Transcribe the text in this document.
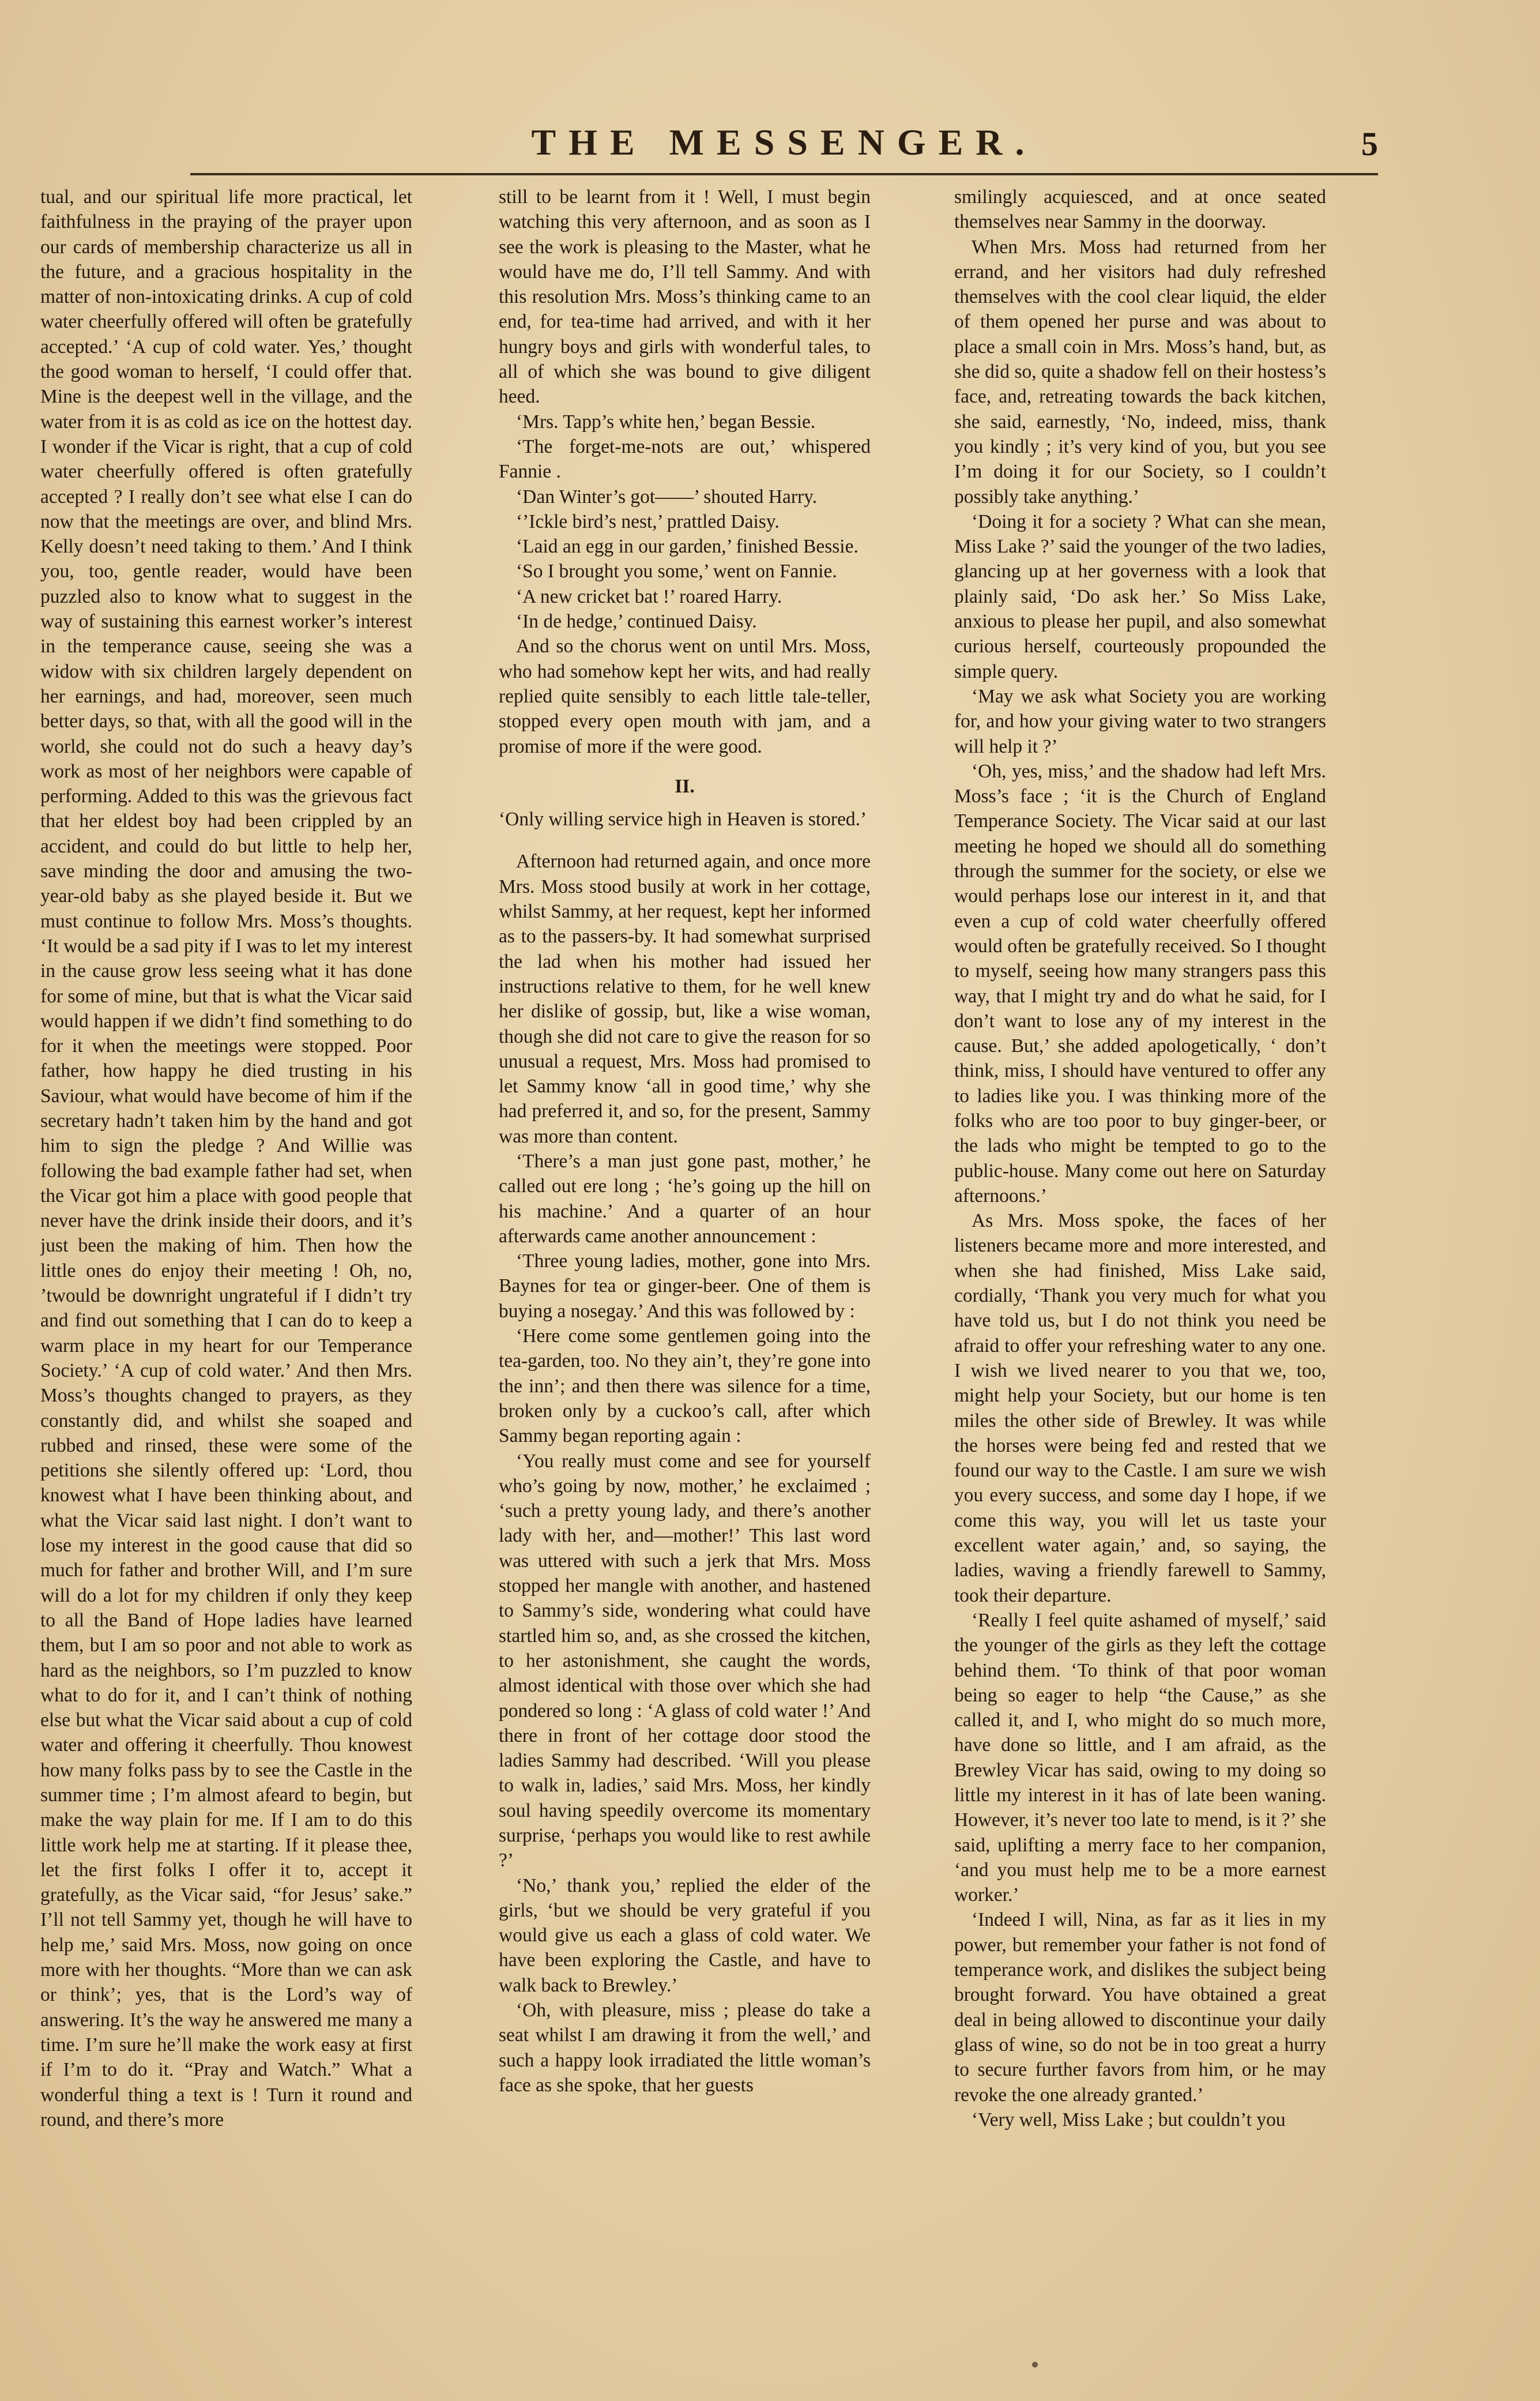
THE MESSENGER.	5

tual, and our spiritual life more practical, let faithfulness in the praying of the prayer upon our cards of membership characterize us all in the future, and a gracious hospitality in the matter of non-intoxicating drinks. A cup of cold water cheerfully offered will often be gratefully accepted.’ ‘A cup of cold water. Yes,’ thought the good woman to herself, ‘I could offer that. Mine is the deepest well in the village, and the water from it is as cold as ice on the hottest day. I wonder if the Vicar is right, that a cup of cold water cheerfully offered is often gratefully accepted ? I really don’t see what else I can do now that the meetings are over, and blind Mrs. Kelly doesn’t need taking to them.’ And I think you, too, gentle reader, would have been puzzled also to know what to suggest in the way of sustaining this earnest worker’s interest in the temperance cause, seeing she was a widow with six children largely dependent on her earnings, and had, moreover, seen much better days, so that, with all the good will in the world, she could not do such a heavy day’s work as most of her neighbors were capable of performing. Added to this was the grievous fact that her eldest boy had been crippled by an accident, and could do but little to help her, save minding the door and amusing the two-year-old baby as she played beside it. But we must continue to follow Mrs. Moss’s thoughts. ‘It would be a sad pity if I was to let my interest in the cause grow less seeing what it has done for some of mine, but that is what the Vicar said would happen if we didn’t find something to do for it when the meetings were stopped. Poor father, how happy he died trusting in his Saviour, what would have become of him if the secretary hadn’t taken him by the hand and got him to sign the pledge ? And Willie was following the bad example father had set, when the Vicar got him a place with good people that never have the drink inside their doors, and it’s just been the making of him. Then how the little ones do enjoy their meeting ! Oh, no, ’twould be downright ungrateful if I didn’t try and find out something that I can do to keep a warm place in my heart for our Temperance Society.’ ‘A cup of cold water.’ And then Mrs. Moss’s thoughts changed to prayers, as they constantly did, and whilst she soaped and rubbed and rinsed, these were some of the petitions she silently offered up: ‘Lord, thou knowest what I have been thinking about, and what the Vicar said last night. I don’t want to lose my interest in the good cause that did so much for father and brother Will, and I’m sure will do a lot for my children if only they keep to all the Band of Hope ladies have learned them, but I am so poor and not able to work as hard as the neighbors, so I’m puzzled to know what to do for it, and I can’t think of nothing else but what the Vicar said about a cup of cold water and offering it cheerfully. Thou knowest how many folks pass by to see the Castle in the summer time ; I’m almost afeard to begin, but make the way plain for me. If I am to do this little work help me at starting. If it please thee, let the first folks I offer it to, accept it gratefully, as the Vicar said, “for Jesus’ sake.” I’ll not tell Sammy yet, though he will have to help me,’ said Mrs. Moss, now going on once more with her thoughts. “More than we can ask or think’; yes, that is the Lord’s way of answering. It’s the way he answered me many a time. I’m sure he’ll make the work easy at first if I’m to do it. “Pray and Watch.” What a wonderful thing a text is ! Turn it round and round, and there’s more

still to be learnt from it ! Well, I must begin watching this very afternoon, and as soon as I see the work is pleasing to the Master, what he would have me do, I’ll tell Sammy. And with this resolution Mrs. Moss’s thinking came to an end, for tea-time had arrived, and with it her hungry boys and girls with wonderful tales, to all of which she was bound to give diligent heed.

‘Mrs. Tapp’s white hen,’ began Bessie.

‘The forget-me-nots are out,’ whispered Fannie .

‘Dan Winter’s got——’ shouted Harry.

‘’Ickle bird’s nest,’ prattled Daisy.

‘Laid an egg in our garden,’ finished Bessie.

‘So I brought you some,’ went on Fannie.

‘A new cricket bat !’ roared Harry.

‘In de hedge,’ continued Daisy.

And so the chorus went on until Mrs. Moss, who had somehow kept her wits, and had really replied quite sensibly to each little tale-teller, stopped every open mouth with jam, and a promise of more if the were good.

II.

‘Only willing service high in Heaven is stored.’

Afternoon had returned again, and once more Mrs. Moss stood busily at work in her cottage, whilst Sammy, at her request, kept her informed as to the passers-by. It had somewhat surprised the lad when his mother had issued her instructions relative to them, for he well knew her dislike of gossip, but, like a wise woman, though she did not care to give the reason for so unusual a request, Mrs. Moss had promised to let Sammy know ‘all in good time,’ why she had preferred it, and so, for the present, Sammy was more than content.

‘There’s a man just gone past, mother,’ he called out ere long ; ‘he’s going up the hill on his machine.’ And a quarter of an hour afterwards came another announcement :

‘Three young ladies, mother, gone into Mrs. Baynes for tea or ginger-beer. One of them is buying a nosegay.’ And this was followed by :

‘Here come some gentlemen going into the tea-garden, too. No they ain’t, they’re gone into the inn’; and then there was silence for a time, broken only by a cuckoo’s call, after which Sammy began reporting again :

‘You really must come and see for yourself who’s going by now, mother,’ he exclaimed ; ‘such a pretty young lady, and there’s another lady with her, and—mother!’ This last word was uttered with such a jerk that Mrs. Moss stopped her mangle with another, and hastened to Sammy’s side, wondering what could have startled him so, and, as she crossed the kitchen, to her astonishment, she caught the words, almost identical with those over which she had pondered so long : ‘A glass of cold water !’ And there in front of her cottage door stood the ladies Sammy had described. ‘Will you please to walk in, ladies,’ said Mrs. Moss, her kindly soul having speedily overcome its momentary surprise, ‘perhaps you would like to rest awhile ?’

‘No,’ thank you,’ replied the elder of the girls, ‘but we should be very grateful if you would give us each a glass of cold water. We have been exploring the Castle, and have to walk back to Brewley.’

‘Oh, with pleasure, miss ; please do take a seat whilst I am drawing it from the well,’ and such a happy look irradiated the little woman’s face as she spoke, that her guests

smilingly acquiesced, and at once seated themselves near Sammy in the doorway.

When Mrs. Moss had returned from her errand, and her visitors had duly refreshed themselves with the cool clear liquid, the elder of them opened her purse and was about to place a small coin in Mrs. Moss’s hand, but, as she did so, quite a shadow fell on their hostess’s face, and, retreating towards the back kitchen, she said, earnestly, ‘No, indeed, miss, thank you kindly ; it’s very kind of you, but you see I’m doing it for our Society, so I couldn’t possibly take anything.’

‘Doing it for a society ? What can she mean, Miss Lake ?’ said the younger of the two ladies, glancing up at her governess with a look that plainly said, ‘Do ask her.’ So Miss Lake, anxious to please her pupil, and also somewhat curious herself, courteously propounded the simple query.

‘May we ask what Society you are working for, and how your giving water to two strangers will help it ?’

‘Oh, yes, miss,’ and the shadow had left Mrs. Moss’s face ; ‘it is the Church of England Temperance Society. The Vicar said at our last meeting he hoped we should all do something through the summer for the society, or else we would perhaps lose our interest in it, and that even a cup of cold water cheerfully offered would often be gratefully received. So I thought to myself, seeing how many strangers pass this way, that I might try and do what he said, for I don’t want to lose any of my interest in the cause. But,’ she added apologetically, ‘ don’t think, miss, I should have ventured to offer any to ladies like you. I was thinking more of the folks who are too poor to buy ginger-beer, or the lads who might be tempted to go to the public-house. Many come out here on Saturday afternoons.’

As Mrs. Moss spoke, the faces of her listeners became more and more interested, and when she had finished, Miss Lake said, cordially, ‘Thank you very much for what you have told us, but I do not think you need be afraid to offer your refreshing water to any one. I wish we lived nearer to you that we, too, might help your Society, but our home is ten miles the other side of Brewley. It was while the horses were being fed and rested that we found our way to the Castle. I am sure we wish you every success, and some day I hope, if we come this way, you will let us taste your excellent water again,’ and, so saying, the ladies, waving a friendly farewell to Sammy, took their departure.

‘Really I feel quite ashamed of myself,’ said the younger of the girls as they left the cottage behind them. ‘To think of that poor woman being so eager to help “the Cause,” as she called it, and I, who might do so much more, have done so little, and I am afraid, as the Brewley Vicar has said, owing to my doing so little my interest in it has of late been waning. However, it’s never too late to mend, is it ?’ she said, uplifting a merry face to her companion, ‘and you must help me to be a more earnest worker.’

‘Indeed I will, Nina, as far as it lies in my power, but remember your father is not fond of temperance work, and dislikes the subject being brought forward. You have obtained a great deal in being allowed to discontinue your daily glass of wine, so do not be in too great a hurry to secure further favors from him, or he may revoke the one already granted.’

‘Very well, Miss Lake ; but couldn’t you
